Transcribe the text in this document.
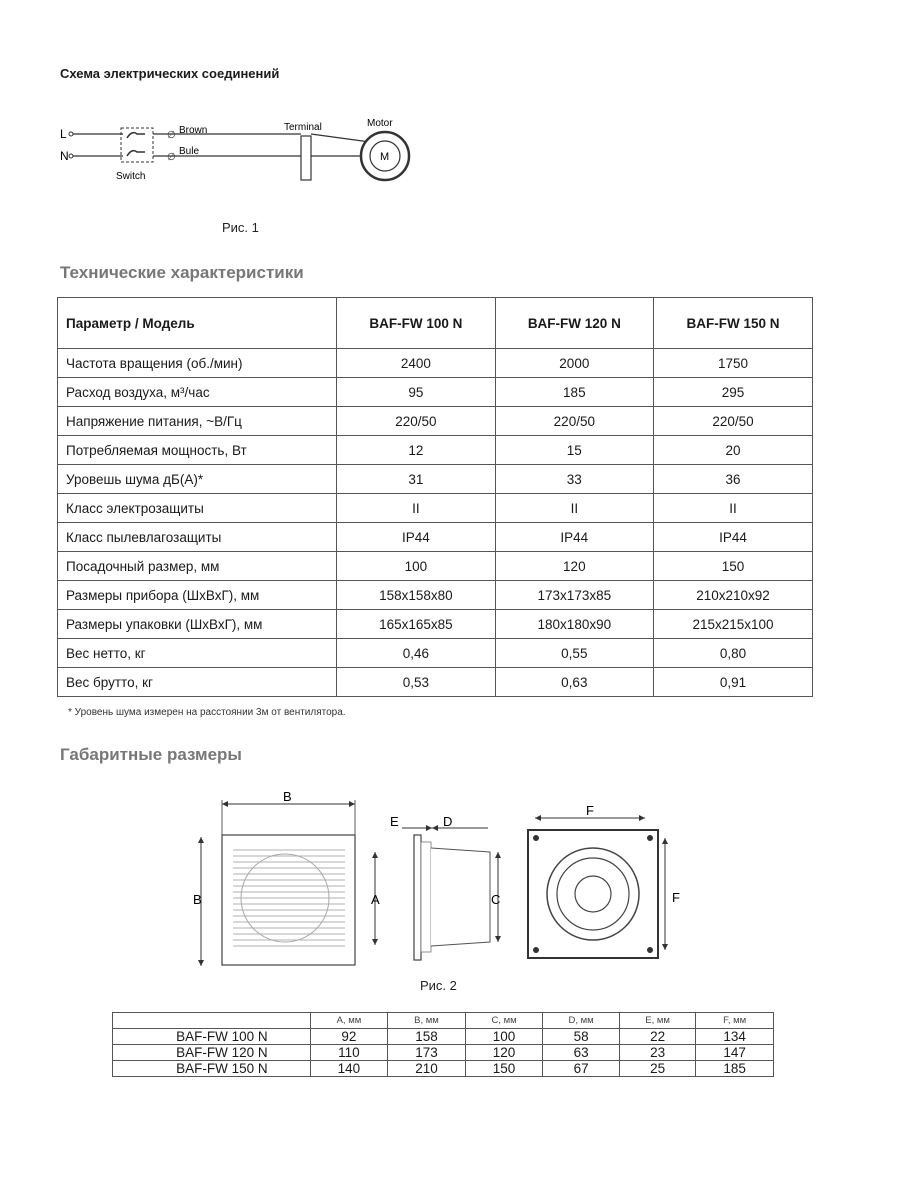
Схема электрических соединений
L
N
Switch
∅
∅
Brown
Bule
Terminal	Motor
M
Рис. 1
Технические характеристики
Параметр / Модель	BAF-FW 100 N	BAF-FW 120 N	BAF-FW 150 N
Частота вращения (об./мин)	2400	2000	1750
Расход воздуха, м³/час	95	185	295
Напряжение питания, ~В/Гц	220/50	220/50	220/50
Потребляемая мощность, Вт	12	15	20
Уровешь шума дБ(А)*	31	33	36
Класс электрозащиты	II	II	II
Класс пылевлагозащиты	IP44	IP44	IP44
Посадочный размер, мм	100	120	150
Размеры прибора (ШхВхГ), мм	158х158х80	173х173х85	210х210х92
Размеры упаковки (ШхВхГ), мм	165х165х85	180х180х90	215х215х100
Вес нетто, кг	0,46	0,55	0,80
Вес брутто, кг	0,53	0,63	0,91
* Уровень шума измерен на расстоянии 3м от вентилятора.
Габаритные размеры
B
B	A
E	D
C
F
F
Рис. 2
	A, мм	B, мм	C, мм	D, мм	E, мм	F, мм
BAF-FW 100 N	92	158	100	58	22	134
BAF-FW 120 N	110	173	120	63	23	147
BAF-FW 150 N	140	210	150	67	25	185
